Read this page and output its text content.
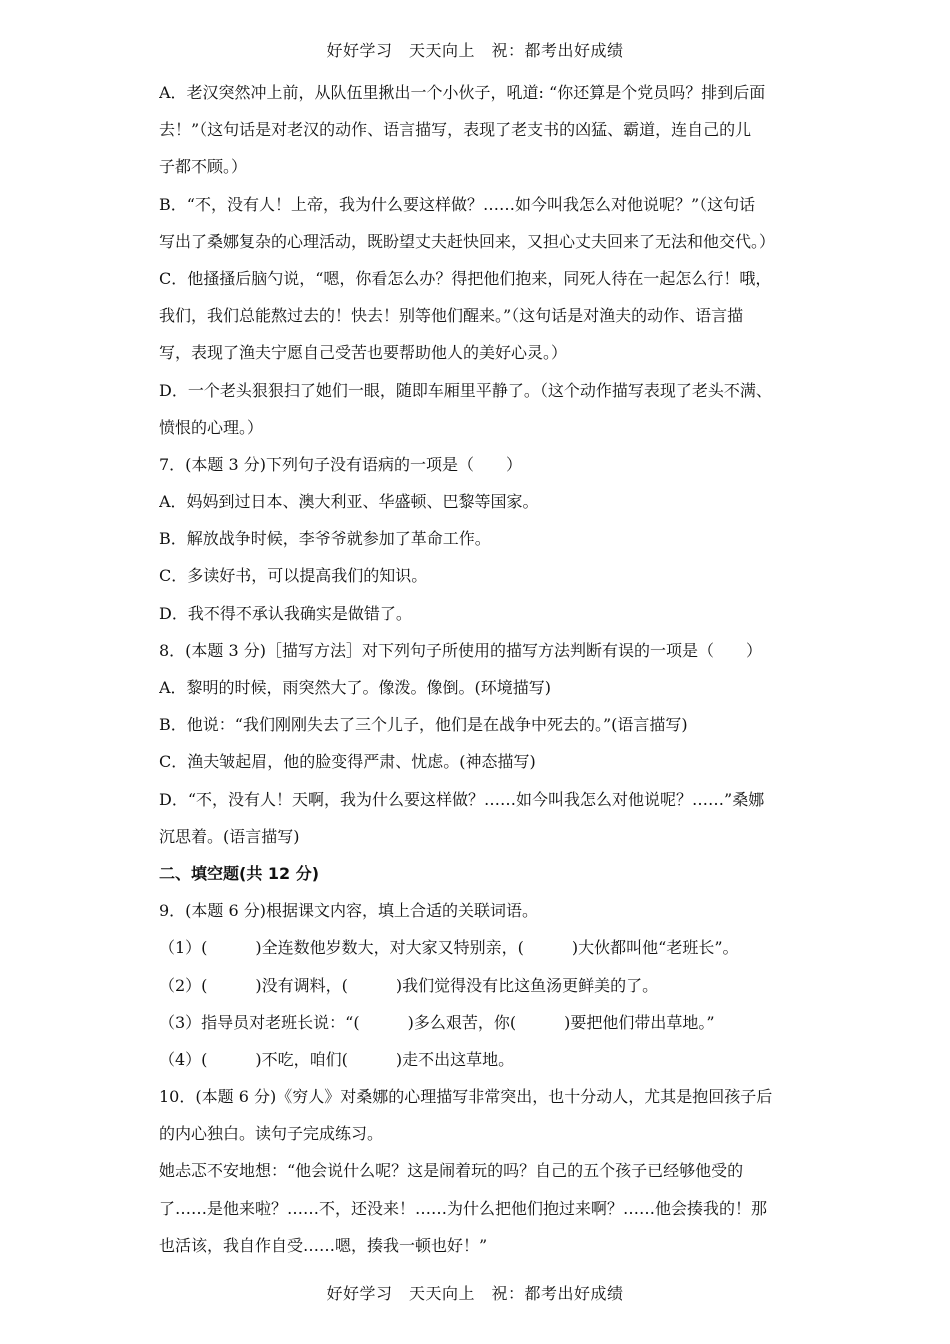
好好学习　天天向上　祝：都考出好成绩
A．老汉突然冲上前，从队伍里揪出一个小伙子，吼道: “你还算是个党员吗？排到后面
去！”（这句话是对老汉的动作、语言描写，表现了老支书的凶猛、霸道，连自己的儿
子都不顾。）
B．“不，没有人！上帝，我为什么要这样做？……如今叫我怎么对他说呢？”（这句话
写出了桑娜复杂的心理活动，既盼望丈夫赶快回来，又担心丈夫回来了无法和他交代。）
C．他搔搔后脑勺说，“嗯，你看怎么办？得把他们抱来，同死人待在一起怎么行！哦，
我们，我们总能熬过去的！快去！别等他们醒来。”（这句话是对渔夫的动作、语言描
写，表现了渔夫宁愿自己受苦也要帮助他人的美好心灵。）
D．一个老头狠狠扫了她们一眼，随即车厢里平静了。（这个动作描写表现了老头不满、
愤恨的心理。）
7．(本题 3 分)下列句子没有语病的一项是（　　）
A．妈妈到过日本、澳大利亚、华盛顿、巴黎等国家。
B．解放战争时候，李爷爷就参加了革命工作。
C．多读好书，可以提高我们的知识。
D．我不得不承认我确实是做错了。
8．(本题 3 分)［描写方法］对下列句子所使用的描写方法判断有误的一项是（　　）
A．黎明的时候，雨突然大了。像泼。像倒。(环境描写)
B．他说：“我们刚刚失去了三个儿子，他们是在战争中死去的。”(语言描写)
C．渔夫皱起眉，他的脸变得严肃、忧虑。(神态描写)
D．“不，没有人！天啊，我为什么要这样做？……如今叫我怎么对他说呢？……”桑娜
沉思着。(语言描写)
二、填空题(共 12 分)
9．(本题 6 分)根据课文内容，填上合适的关联词语。
（1）(　　　)全连数他岁数大，对大家又特别亲，(　　　)大伙都叫他“老班长”。
（2）(　　　)没有调料，(　　　)我们觉得没有比这鱼汤更鲜美的了。
（3）指导员对老班长说：“(　　　)多么艰苦，你(　　　)要把他们带出草地。”
（4）(　　　)不吃，咱们(　　　)走不出这草地。
10．(本题 6 分)《穷人》对桑娜的心理描写非常突出，也十分动人，尤其是抱回孩子后
的内心独白。读句子完成练习。
她忐忑不安地想：“他会说什么呢？这是闹着玩的吗？自己的五个孩子已经够他受的
了……是他来啦？……不，还没来！……为什么把他们抱过来啊？……他会揍我的！那
也活该，我自作自受……嗯，揍我一顿也好！”
好好学习　天天向上　祝：都考出好成绩
